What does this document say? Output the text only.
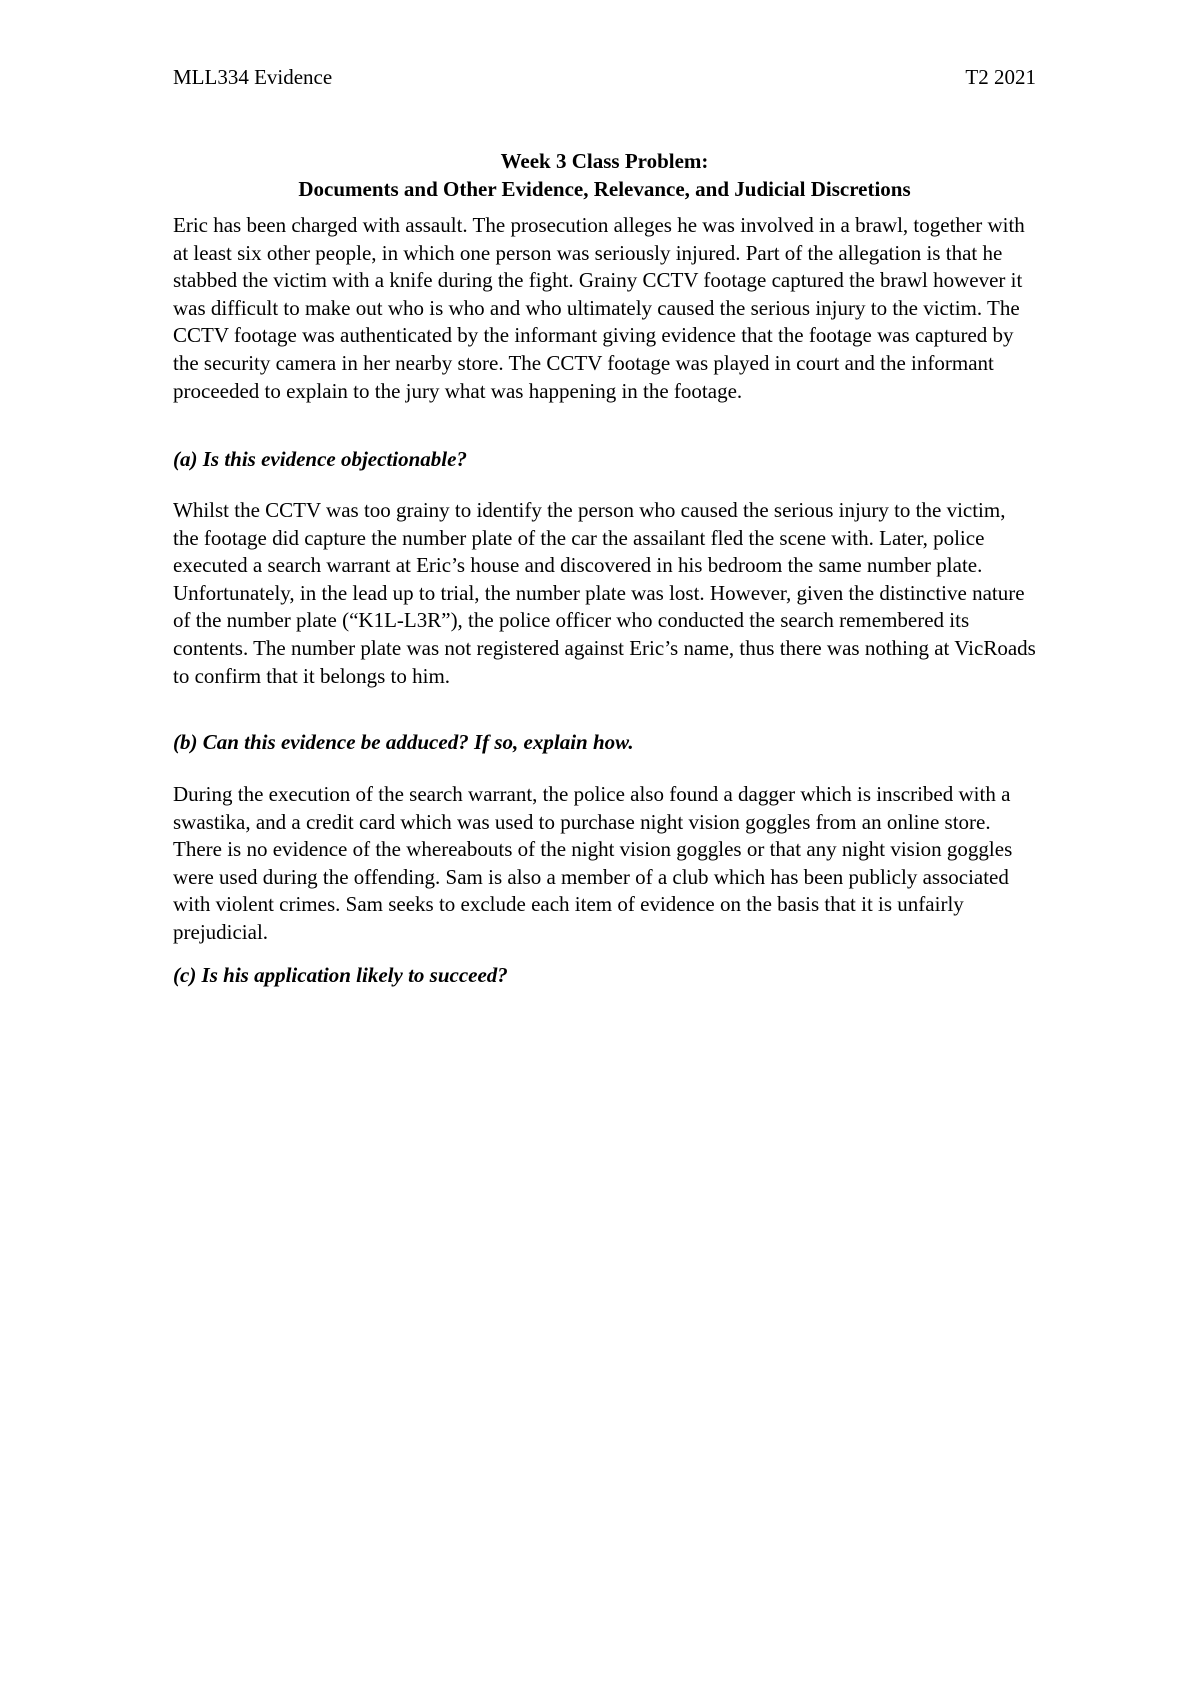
MLL334 Evidence	T2 2021
Week 3 Class Problem:
Documents and Other Evidence, Relevance, and Judicial Discretions

Eric has been charged with assault. The prosecution alleges he was involved in a brawl, together with at least six other people, in which one person was seriously injured. Part of the allegation is that he stabbed the victim with a knife during the fight. Grainy CCTV footage captured the brawl however it was difficult to make out who is who and who ultimately caused the serious injury to the victim. The CCTV footage was authenticated by the informant giving evidence that the footage was captured by the security camera in her nearby store. The CCTV footage was played in court and the informant proceeded to explain to the jury what was happening in the footage.

(a) Is this evidence objectionable?

Whilst the CCTV was too grainy to identify the person who caused the serious injury to the victim, the footage did capture the number plate of the car the assailant fled the scene with. Later, police executed a search warrant at Eric’s house and discovered in his bedroom the same number plate. Unfortunately, in the lead up to trial, the number plate was lost. However, given the distinctive nature of the number plate (“K1L-L3R”), the police officer who conducted the search remembered its contents. The number plate was not registered against Eric’s name, thus there was nothing at VicRoads to confirm that it belongs to him.

(b) Can this evidence be adduced? If so, explain how.

During the execution of the search warrant, the police also found a dagger which is inscribed with a swastika, and a credit card which was used to purchase night vision goggles from an online store. There is no evidence of the whereabouts of the night vision goggles or that any night vision goggles were used during the offending. Sam is also a member of a club which has been publicly associated with violent crimes. Sam seeks to exclude each item of evidence on the basis that it is unfairly prejudicial.

(c) Is his application likely to succeed?
